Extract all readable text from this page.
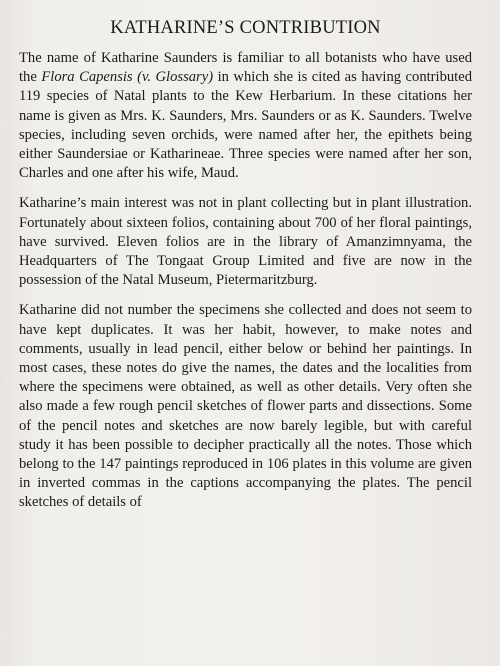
KATHARINE’S CONTRIBUTION

The name of Katharine Saunders is familiar to all botanists who have used the Flora Capensis (v. Glossary) in which she is cited as having contributed 119 species of Natal plants to the Kew Herbarium. In these citations her name is given as Mrs. K. Saunders, Mrs. Saunders or as K. Saunders. Twelve species, including seven orchids, were named after her, the epithets being either Saundersiae or Katharineae. Three species were named after her son, Charles and one after his wife, Maud.

Katharine’s main interest was not in plant collecting but in plant illustration. Fortunately about sixteen folios, containing about 700 of her floral paintings, have survived. Eleven folios are in the library of Amanzimnyama, the Headquarters of The Tongaat Group Limited and five are now in the possession of the Natal Museum, Pietermaritzburg.

Katharine did not number the specimens she collected and does not seem to have kept duplicates. It was her habit, however, to make notes and comments, usually in lead pencil, either below or behind her paintings. In most cases, these notes do give the names, the dates and the localities from where the specimens were obtained, as well as other details. Very often she also made a few rough pencil sketches of flower parts and dissections. Some of the pencil notes and sketches are now barely legible, but with careful study it has been possible to decipher practically all the notes. Those which belong to the 147 paintings reproduced in 106 plates in this volume are given in inverted commas in the captions accompanying the plates. The pencil sketches of details of
